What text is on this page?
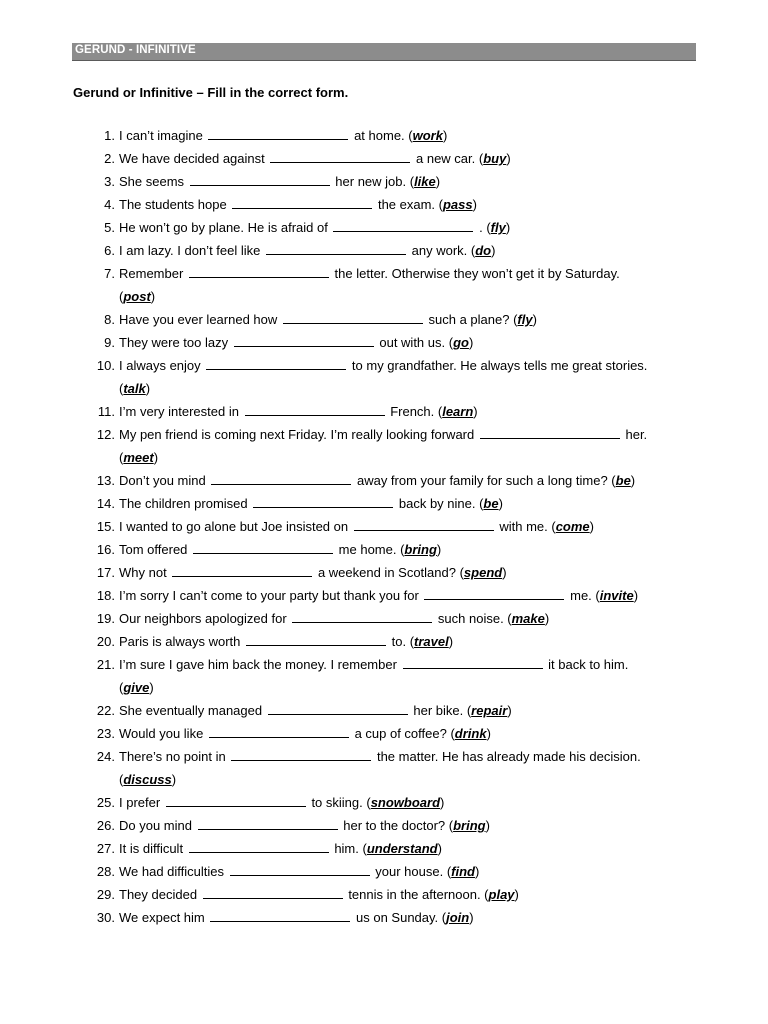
GERUND - INFINITIVE
Gerund or Infinitive – Fill in the correct form.
1. I can’t imagine	at home. (work)
2. We have decided against	a new car. (buy)
3. She seems	her new job. (like)
4. The students hope	the exam. (pass)
5. He won’t go by plane. He is afraid of	. (fly)
6. I am lazy. I don’t feel like	any work. (do)
7. Remember	the letter. Otherwise they won’t get it by Saturday.
(post)
8. Have you ever learned how	such a plane? (fly)
9. They were too lazy	out with us. (go)
10. I always enjoy	to my grandfather. He always tells me great stories.
(talk)
11. I’m very interested in	French. (learn)
12. My pen friend is coming next Friday. I’m really looking forward	her.
(meet)
13. Don’t you mind	away from your family for such a long time? (be)
14. The children promised	back by nine. (be)
15. I wanted to go alone but Joe insisted on	with me. (come)
16. Tom offered	me home. (bring)
17. Why not	a weekend in Scotland? (spend)
18. I’m sorry I can’t come to your party but thank you for	me. (invite)
19. Our neighbors apologized for	such noise. (make)
20. Paris is always worth	to. (travel)
21. I’m sure I gave him back the money. I remember	it back to him.
(give)
22. She eventually managed	her bike. (repair)
23. Would you like	a cup of coffee? (drink)
24. There’s no point in	the matter. He has already made his decision.
(discuss)
25. I prefer	to skiing. (snowboard)
26. Do you mind	her to the doctor? (bring)
27. It is difficult	him. (understand)
28. We had difficulties	your house. (find)
29. They decided	tennis in the afternoon. (play)
30. We expect him	us on Sunday. (join)
